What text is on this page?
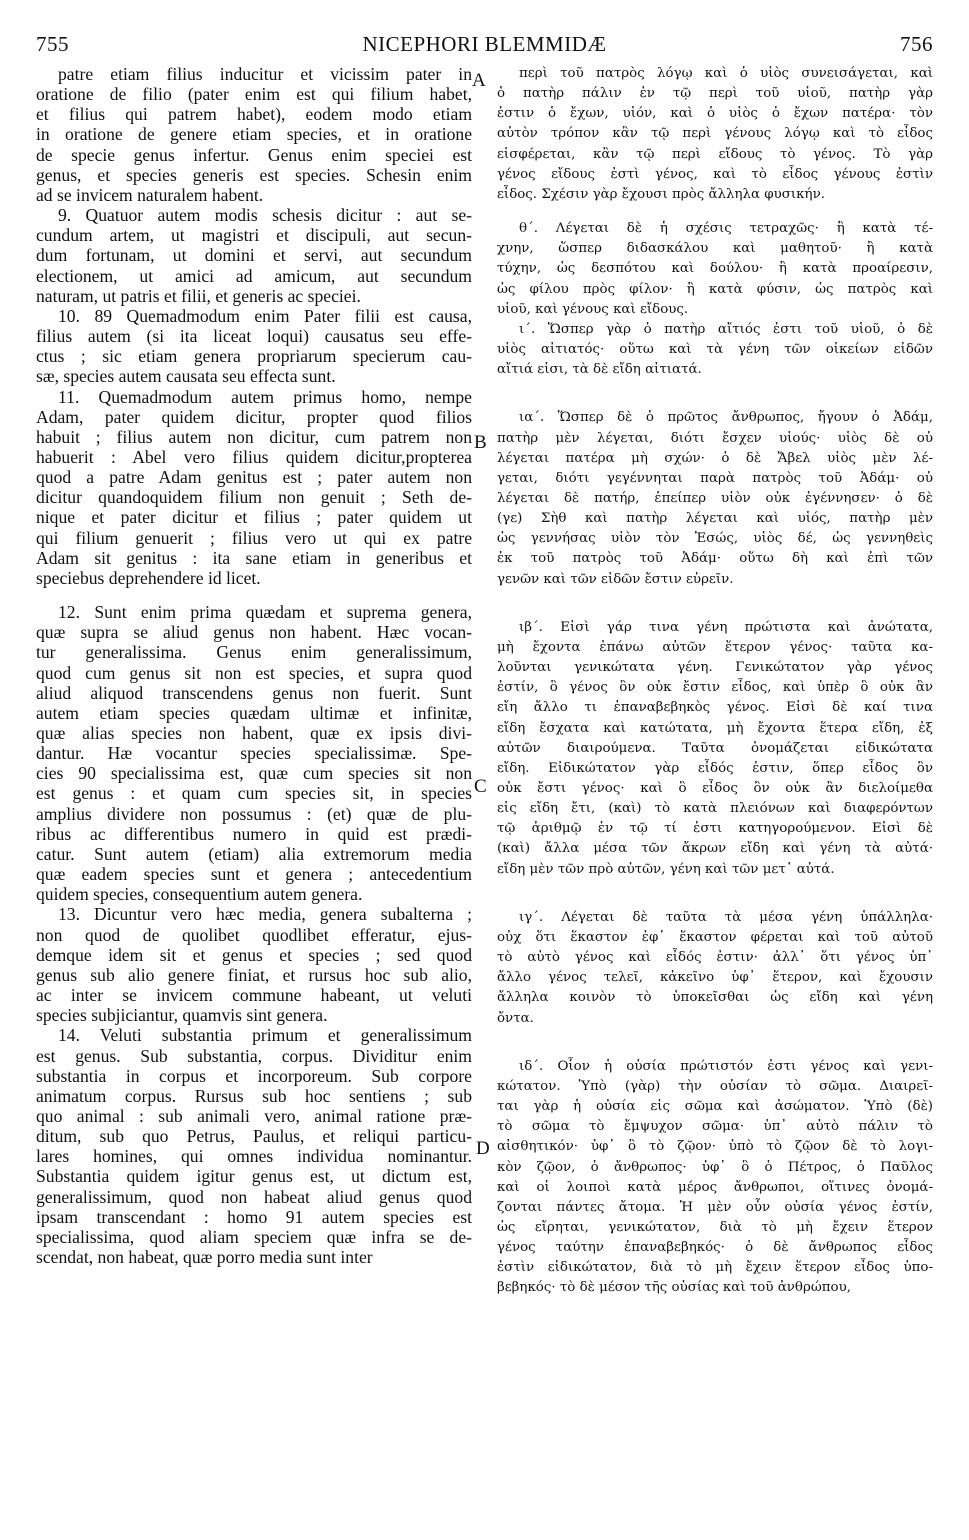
755	NICEPHORI BLEMMIDÆ	756
patre etiam filius inducitur et vicissim pater in
oratione de filio (pater enim est qui filium habet,
et filius qui patrem habet), eodem modo etiam
in oratione de genere etiam species, et in oratione
de specie genus infertur. Genus enim speciei est
genus, et species generis est species. Schesin enim
ad se invicem naturalem habent.
9. Quatuor autem modis schesis dicitur : aut se-
cundum artem, ut magistri et discipuli, aut secun-
dum fortunam, ut domini et servi, aut secundum
electionem, ut amici ad amicum, aut secundum
naturam, ut patris et filii, et generis ac speciei.
10. 89 Quemadmodum enim Pater filii est causa,
filius autem (si ita liceat loqui) causatus seu effe-
ctus ; sic etiam genera propriarum specierum cau-
sæ, species autem causata seu effecta sunt.
11. Quemadmodum autem primus homo, nempe
Adam, pater quidem dicitur, propter quod filios
habuit ; filius autem non dicitur, cum patrem non
habuerit : Abel vero filius quidem dicitur,propterea
quod a patre Adam genitus est ; pater autem non
dicitur quandoquidem filium non genuit ; Seth de-
nique et pater dicitur et filius ; pater quidem ut
qui filium genuerit ; filius vero ut qui ex patre
Adam sit genitus : ita sane etiam in generibus et
speciebus deprehendere id licet.
12. Sunt enim prima quædam et suprema genera,
quæ supra se aliud genus non habent. Hæc vocan-
tur generalissima. Genus enim generalissimum,
quod cum genus sit non est species, et supra quod
aliud aliquod transcendens genus non fuerit. Sunt
autem etiam species quædam ultimæ et infinitæ,
quæ alias species non habent, quæ ex ipsis divi-
dantur. Hæ vocantur species specialissimæ. Spe-
cies 90 specialissima est, quæ cum species sit non
est genus : et quam cum species sit, in species
amplius dividere non possumus : (et) quæ de plu-
ribus ac differentibus numero in quid est prædi-
catur. Sunt autem (etiam) alia extremorum media
quæ eadem species sunt et genera ; antecedentium
quidem species, consequentium autem genera.
13. Dicuntur vero hæc media, genera subalterna ;
non quod de quolibet quodlibet efferatur, ejus-
demque idem sit et genus et species ; sed quod
genus sub alio genere finiat, et rursus hoc sub alio,
ac inter se invicem commune habeant, ut veluti
species subjiciantur, quamvis sint genera.
14. Veluti substantia primum et generalissimum
est genus. Sub substantia, corpus. Dividitur enim
substantia in corpus et incorporeum. Sub corpore
animatum corpus. Rursus sub hoc sentiens ; sub
quo animal : sub animali vero, animal ratione præ-
ditum, sub quo Petrus, Paulus, et reliqui particu-
lares homines, qui omnes individua nominantur.
Substantia quidem igitur genus est, ut dictum est,
generalissimum, quod non habeat aliud genus quod
ipsam transcendant : homo 91 autem species est
specialissima, quod aliam speciem quæ infra se de-
scendat, non habeat, quæ porro media sunt inter
περὶ τοῦ πατρὸς λόγῳ καὶ ὁ υἱὸς συνεισάγεται, καὶ
ὁ πατὴρ πάλιν ἐν τῷ περὶ τοῦ υἱοῦ, πατὴρ γὰρ
ἐστιν ὁ ἔχων, υἱόν, καὶ ὁ υἱὸς ὁ ἔχων πατέρα· τὸν
αὐτὸν τρόπον κἂν τῷ περὶ γένους λόγῳ καὶ τὸ εἶδος
εἰσφέρεται, κἂν τῷ περὶ εἴδους τὸ γένος. Τὸ γὰρ
γένος εἴδους ἐστὶ γένος, καὶ τὸ εἶδος γένους ἐστὶν
εἶδος. Σχέσιν γὰρ ἔχουσι πρὸς ἄλληλα φυσικήν.
θ΄. Λέγεται δὲ ἡ σχέσις τετραχῶς· ἢ κατὰ τέ-
χνην, ὥσπερ διδασκάλου καὶ μαθητοῦ· ἢ κατὰ
τύχην, ὡς δεσπότου καὶ δούλου· ἢ κατὰ προαίρεσιν,
ὡς φίλου πρὸς φίλον· ἢ κατὰ φύσιν, ὡς πατρὸς καὶ
υἱοῦ, καὶ γένους καὶ εἴδους.
ι΄. Ὥσπερ γὰρ ὁ πατὴρ αἴτιός ἐστι τοῦ υἱοῦ, ὁ δὲ
υἱὸς αἰτιατός· οὕτω καὶ τὰ γένη τῶν οἰκείων εἰδῶν
αἴτιά εἰσι, τὰ δὲ εἴδη αἰτιατά.
ια΄. Ὥσπερ δὲ ὁ πρῶτος ἄνθρωπος, ἤγουν ὁ Ἀδάμ,
πατὴρ μὲν λέγεται, διότι ἔσχεν υἱούς· υἱὸς δὲ οὐ
λέγεται πατέρα μὴ σχών· ὁ δὲ Ἄβελ υἱὸς μὲν λέ-
γεται, διότι γεγέννηται παρὰ πατρὸς τοῦ Ἀδάμ· οὐ
λέγεται δὲ πατήρ, ἐπείπερ υἱὸν οὐκ ἐγέννησεν· ὁ δὲ
(γε) Σὴθ καὶ πατὴρ λέγεται καὶ υἱός, πατὴρ μὲν
ὡς γεννήσας υἱὸν τὸν Ἐσώς, υἱὸς δέ, ὡς γεννηθεὶς
ἐκ τοῦ πατρὸς τοῦ Ἀδάμ· οὕτω δὴ καὶ ἐπὶ τῶν
γενῶν καὶ τῶν εἰδῶν ἔστιν εὑρεῖν.
ιβ΄. Εἰσὶ γάρ τινα γένη πρώτιστα καὶ ἀνώτατα,
μὴ ἔχοντα ἐπάνω αὐτῶν ἕτερον γένος· ταῦτα κα-
λοῦνται γενικώτατα γένη. Γενικώτατον γὰρ γένος
ἐστίν, ὃ γένος ὂν οὐκ ἔστιν εἶδος, καὶ ὑπὲρ ὃ οὐκ ἂν
εἴη ἄλλο τι ἐπαναβεβηκὸς γένος. Εἰσὶ δὲ καί τινα
εἴδη ἔσχατα καὶ κατώτατα, μὴ ἔχοντα ἕτερα εἴδη, ἐξ
αὐτῶν διαιρούμενα. Ταῦτα ὀνομάζεται εἰδικώτατα
εἴδη. Εἰδικώτατον γὰρ εἶδός ἐστιν, ὅπερ εἶδος ὂν
οὐκ ἔστι γένος· καὶ ὃ εἶδος ὂν οὐκ ἂν διελοίμεθα
εἰς εἴδη ἔτι, (καὶ) τὸ κατὰ πλειόνων καὶ διαφερόντων
τῷ ἀριθμῷ ἐν τῷ τί ἐστι κατηγορούμενον. Εἰσὶ δὲ
(καὶ) ἄλλα μέσα τῶν ἄκρων εἴδη καὶ γένη τὰ αὐτά·
εἴδη μὲν τῶν πρὸ αὐτῶν, γένη καὶ τῶν μετ᾽ αὐτά.
ιγ΄. Λέγεται δὲ ταῦτα τὰ μέσα γένη ὑπάλληλα·
οὐχ ὅτι ἕκαστον ἐφ᾽ ἕκαστον φέρεται καὶ τοῦ αὐτοῦ
τὸ αὐτὸ γένος καὶ εἶδός ἐστιν· ἀλλ᾽ ὅτι γένος ὑπ᾽
ἄλλο γένος τελεῖ, κἀκεῖνο ὑφ᾽ ἕτερον, καὶ ἔχουσιν
ἄλληλα κοινὸν τὸ ὑποκεῖσθαι ὡς εἴδη καὶ γένη
ὄντα.
ιδ΄. Οἷον ἡ οὐσία πρώτιστόν ἐστι γένος καὶ γενι-
κώτατον. Ὑπὸ (γὰρ) τὴν οὐσίαν τὸ σῶμα. Διαιρεῖ-
ται γὰρ ἡ οὐσία εἰς σῶμα καὶ ἀσώματον. Ὑπὸ (δὲ)
τὸ σῶμα τὸ ἔμψυχον σῶμα· ὑπ᾽ αὐτὸ πάλιν τὸ
αἰσθητικόν· ὑφ᾽ ὃ τὸ ζῷον· ὑπὸ τὸ ζῷον δὲ τὸ λογι-
κὸν ζῷον, ὁ ἄνθρωπος· ὑφ᾽ ὃ ὁ Πέτρος, ὁ Παῦλος
καὶ οἱ λοιποὶ κατὰ μέρος ἄνθρωποι, οἵτινες ὀνομά-
ζονται πάντες ἄτομα. Ἡ μὲν οὖν οὐσία γένος ἐστίν,
ὡς εἴρηται, γενικώτατον, διὰ τὸ μὴ ἔχειν ἕτερον
γένος ταύτην ἐπαναβεβηκός· ὁ δὲ ἄνθρωπος εἶδος
ἐστὶν εἰδικώτατον, διὰ τὸ μὴ ἔχειν ἕτερον εἶδος ὑπο-
βεβηκός· τὸ δὲ μέσον τῆς οὐσίας καὶ τοῦ ἀνθρώπου,
A
B
C
D
